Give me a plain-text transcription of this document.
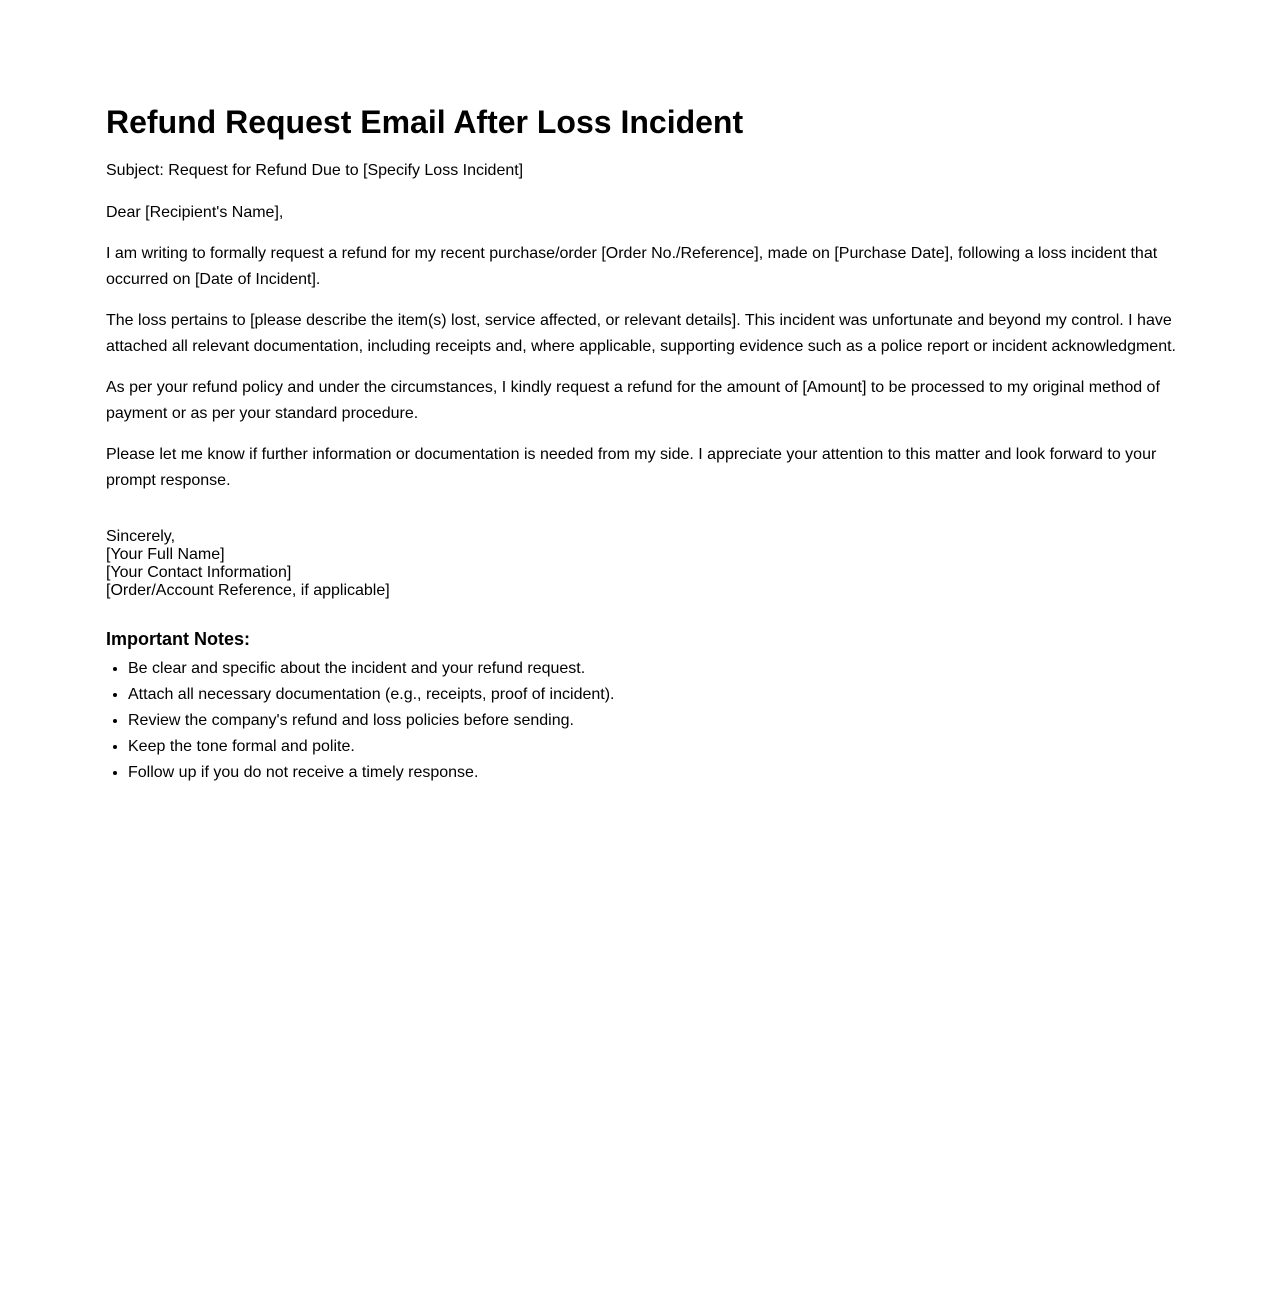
Refund Request Email After Loss Incident

Subject: Request for Refund Due to [Specify Loss Incident]

Dear [Recipient's Name],

I am writing to formally request a refund for my recent purchase/order [Order No./Reference], made on [Purchase Date], following a loss incident that occurred on [Date of Incident].

The loss pertains to [please describe the item(s) lost, service affected, or relevant details]. This incident was unfortunate and beyond my control. I have attached all relevant documentation, including receipts and, where applicable, supporting evidence such as a police report or incident acknowledgment.

As per your refund policy and under the circumstances, I kindly request a refund for the amount of [Amount] to be processed to my original method of payment or as per your standard procedure.

Please let me know if further information or documentation is needed from my side. I appreciate your attention to this matter and look forward to your prompt response.

Sincerely,
[Your Full Name]
[Your Contact Information]
[Order/Account Reference, if applicable]
Important Notes:
• Be clear and specific about the incident and your refund request.
• Attach all necessary documentation (e.g., receipts, proof of incident).
• Review the company's refund and loss policies before sending.
• Keep the tone formal and polite.
• Follow up if you do not receive a timely response.
